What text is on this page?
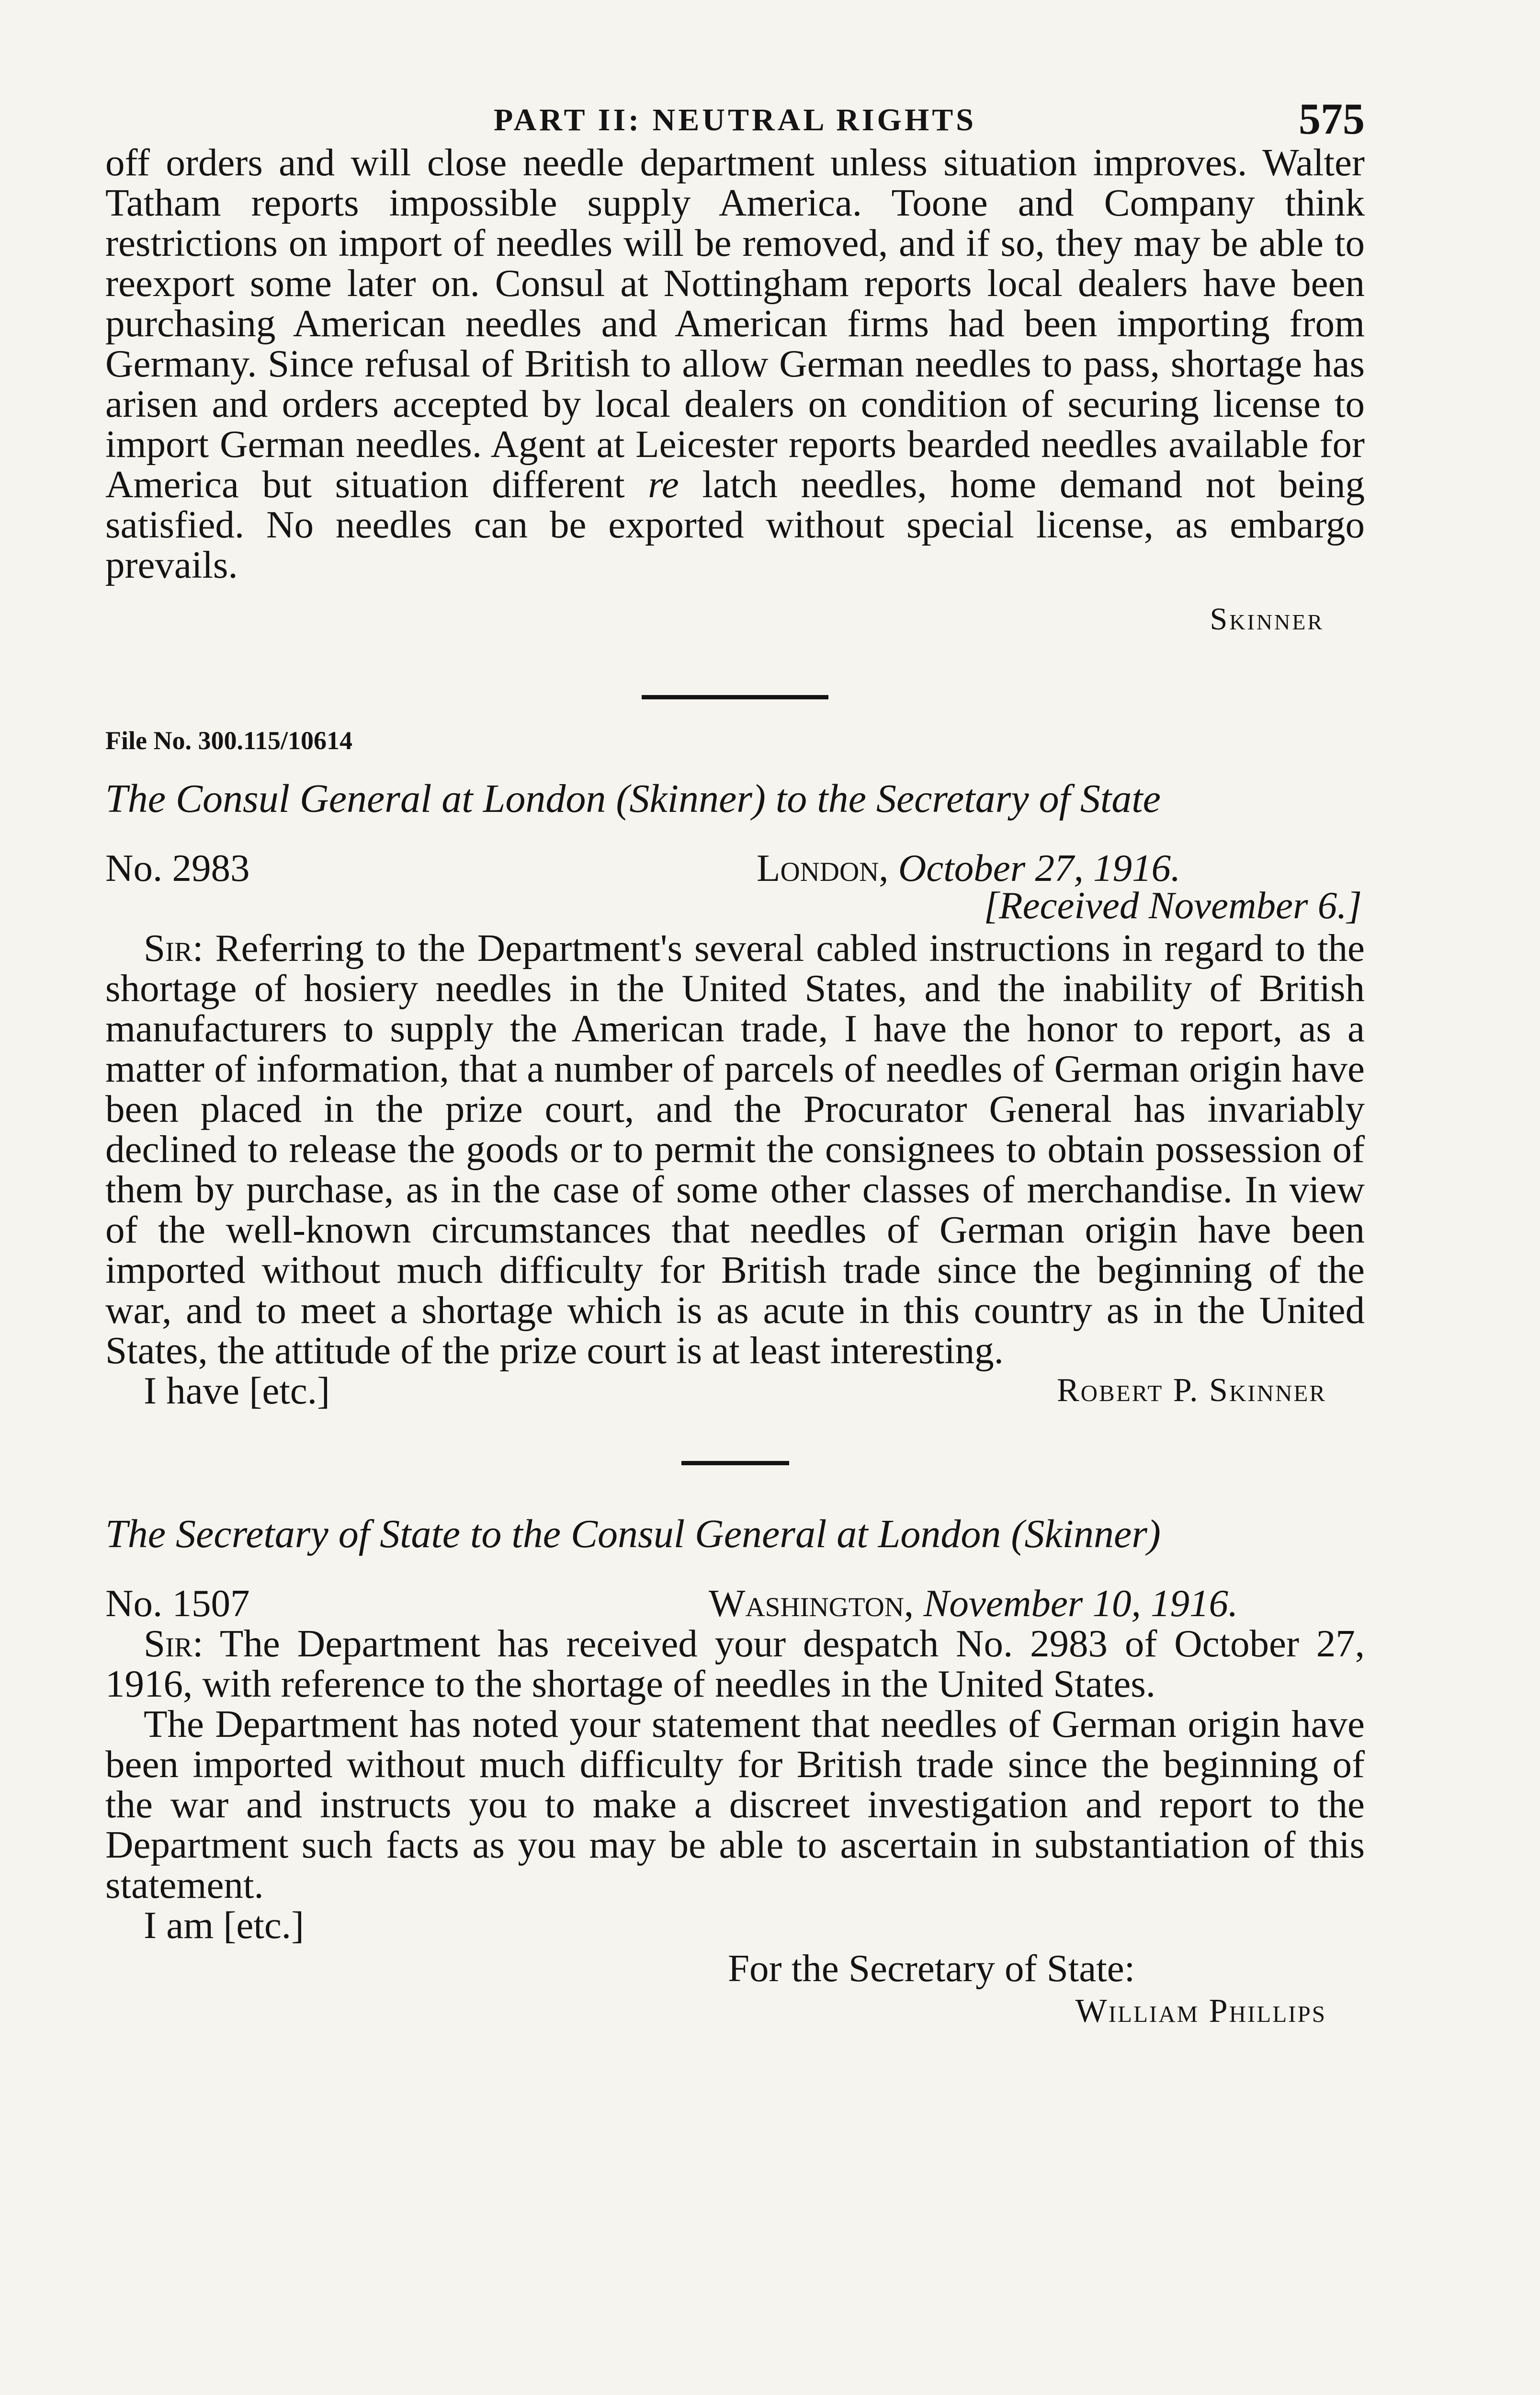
PART II: NEUTRAL RIGHTS	575

off orders and will close needle department unless situation improves. Walter Tatham reports impossible supply America. Toone and Company think restrictions on import of needles will be removed, and if so, they may be able to reexport some later on. Consul at Nottingham reports local dealers have been purchasing American needles and American firms had been importing from Germany. Since refusal of British to allow German needles to pass, shortage has arisen and orders accepted by local dealers on condition of securing license to import German needles. Agent at Leicester reports bearded needles available for America but situation different re latch needles, home demand not being satisfied. No needles can be exported without special license, as embargo prevails.

Skinner
File No. 300.115/10614
The Consul General at London (Skinner) to the Secretary of State
No. 2983	London, October 27, 1916.
[Received November 6.]

Sir: Referring to the Department's several cabled instructions in regard to the shortage of hosiery needles in the United States, and the inability of British manufacturers to supply the American trade, I have the honor to report, as a matter of information, that a number of parcels of needles of German origin have been placed in the prize court, and the Procurator General has invariably declined to release the goods or to permit the consignees to obtain possession of them by purchase, as in the case of some other classes of merchandise. In view of the well-known circumstances that needles of German origin have been imported without much difficulty for British trade since the beginning of the war, and to meet a shortage which is as acute in this country as in the United States, the attitude of the prize court is at least interesting.

I have [etc.]	Robert P. Skinner
The Secretary of State to the Consul General at London (Skinner)
No. 1507	Washington, November 10, 1916.

Sir: The Department has received your despatch No. 2983 of October 27, 1916, with reference to the shortage of needles in the United States.

The Department has noted your statement that needles of German origin have been imported without much difficulty for British trade since the beginning of the war and instructs you to make a discreet investigation and report to the Department such facts as you may be able to ascertain in substantiation of this statement.

I am [etc.]

For the Secretary of State:
William Phillips
